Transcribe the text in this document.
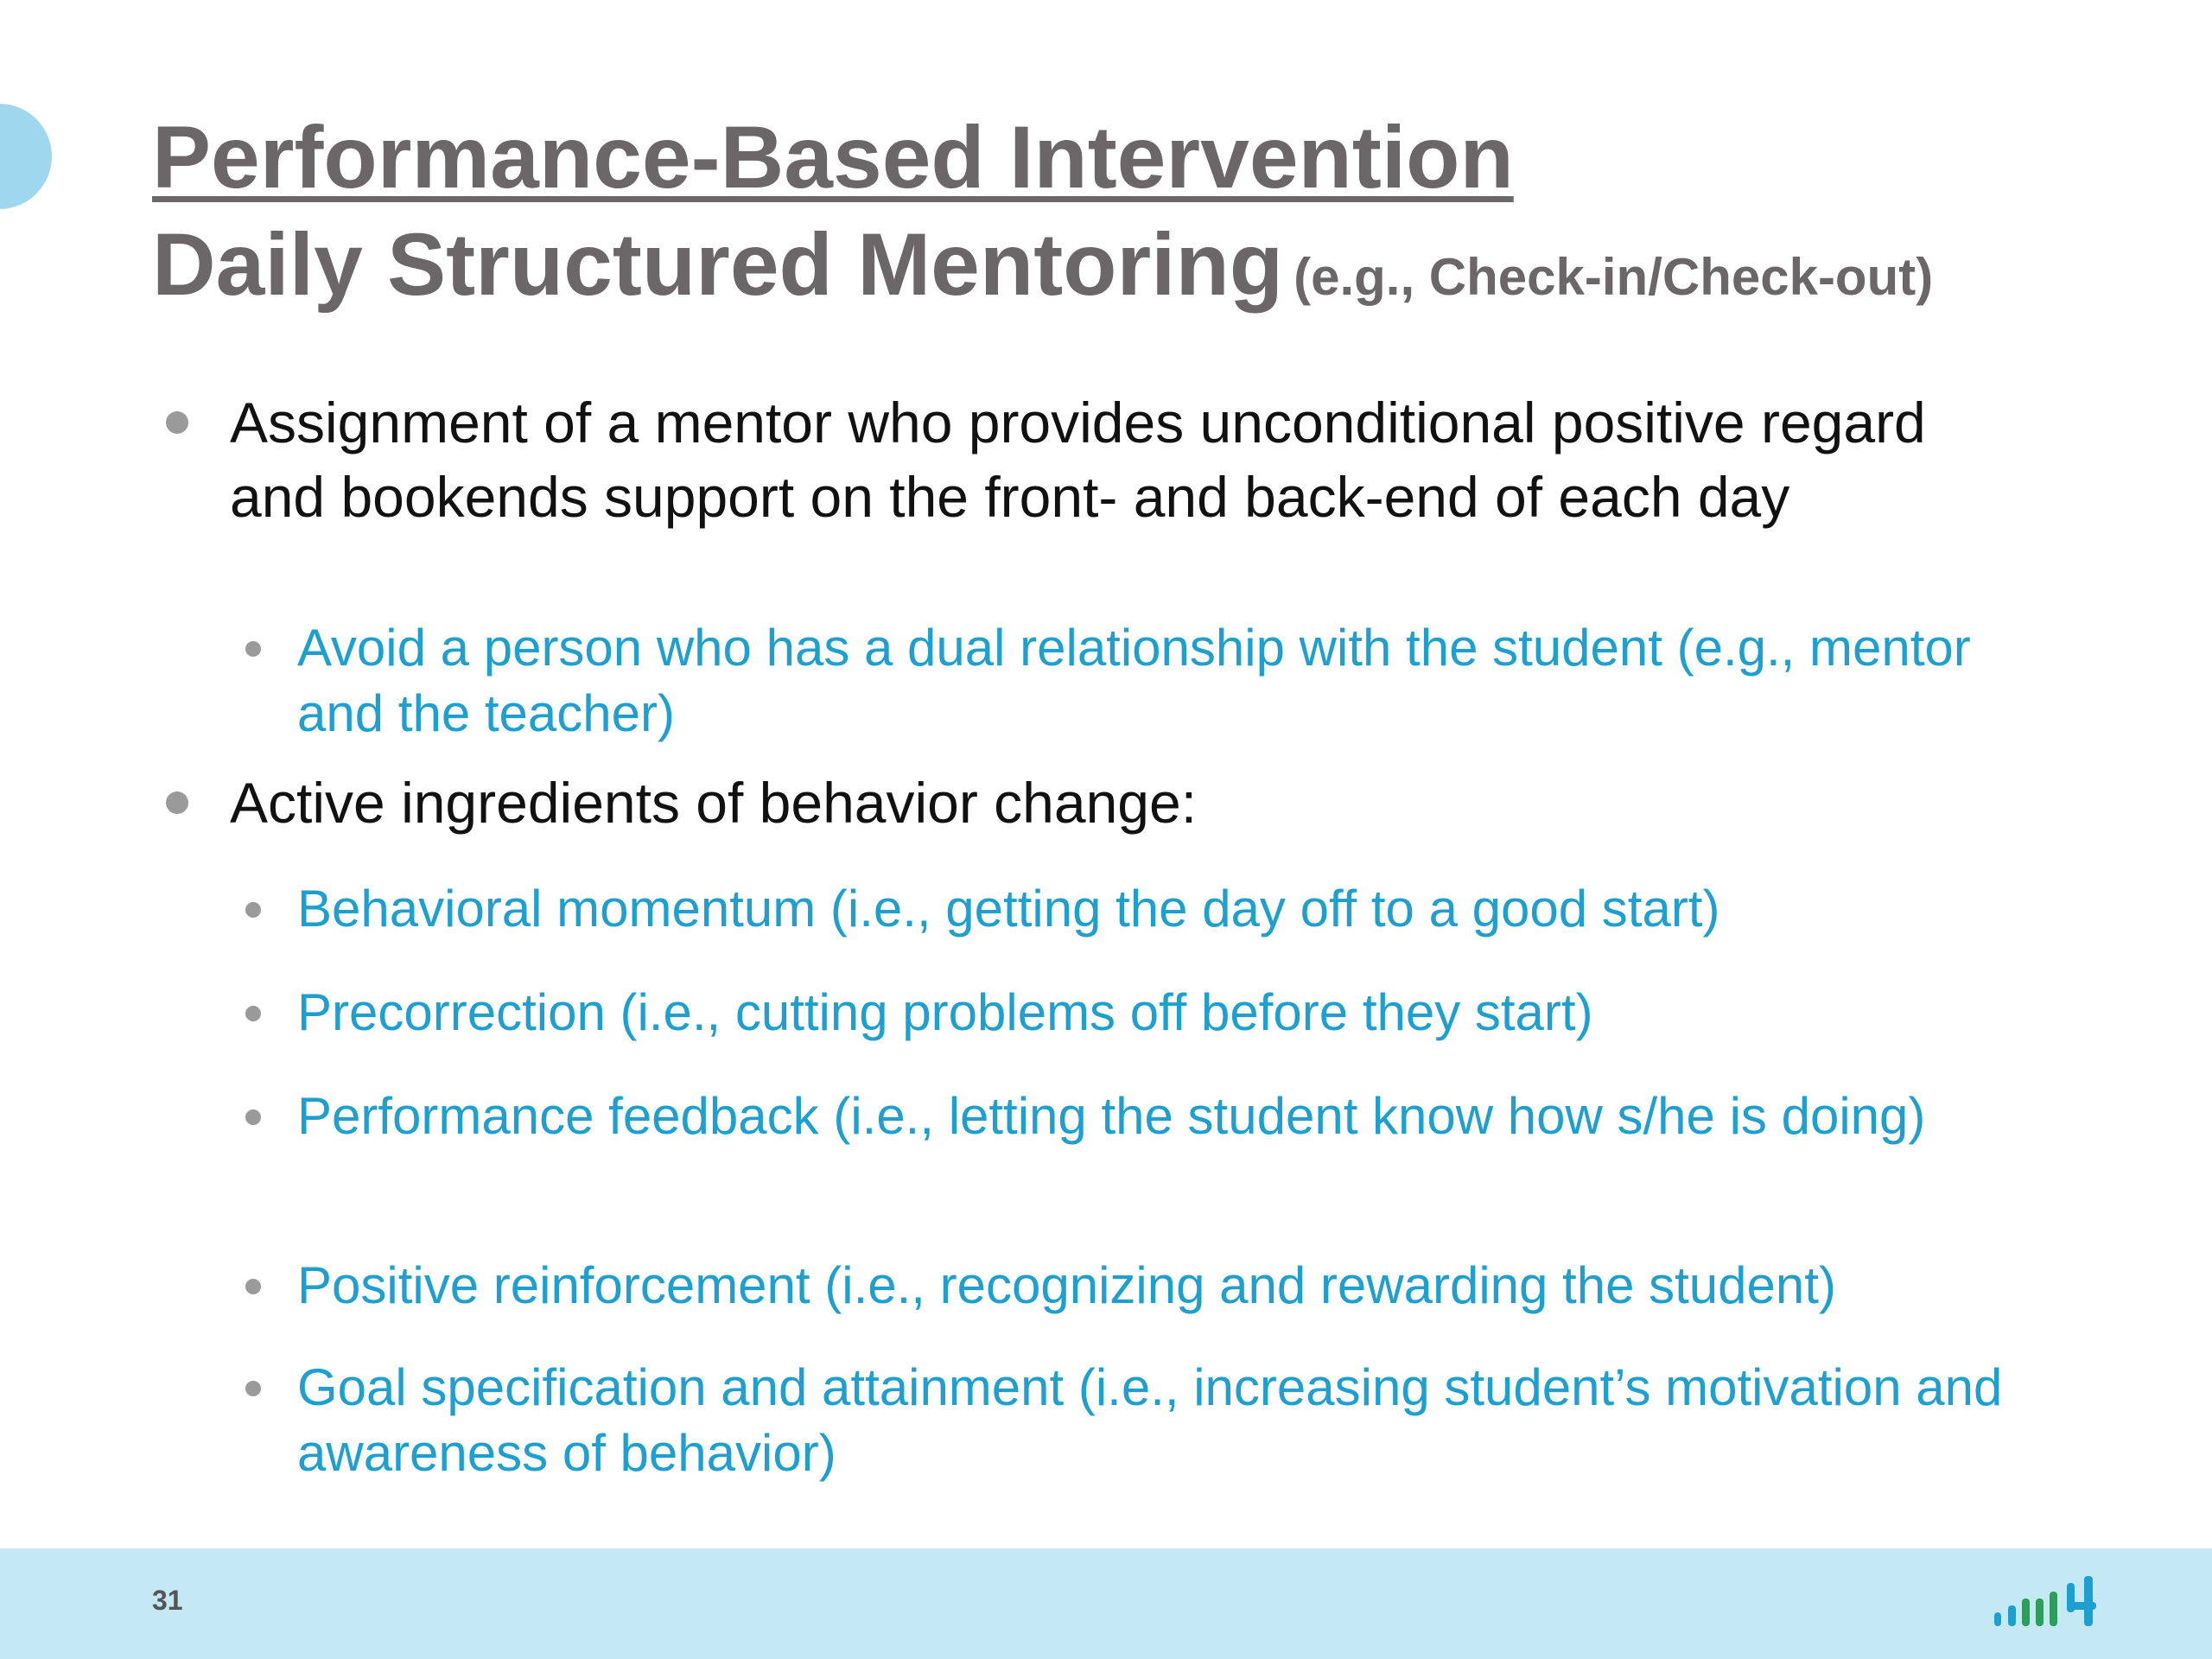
Performance-Based Intervention
Daily Structured Mentoring (e.g., Check-in/Check-out)

Assignment of a mentor who provides unconditional positive regard and bookends support on the front- and back-end of each day

Avoid a person who has a dual relationship with the student (e.g., mentor and the teacher)

Active ingredients of behavior change:

Behavioral momentum (i.e., getting the day off to a good start)

Precorrection (i.e., cutting problems off before they start)

Performance feedback (i.e., letting the student know how s/he is doing)

Positive reinforcement (i.e., recognizing and rewarding the student)

Goal specification and attainment (i.e., increasing student’s motivation and awareness of behavior)

31
